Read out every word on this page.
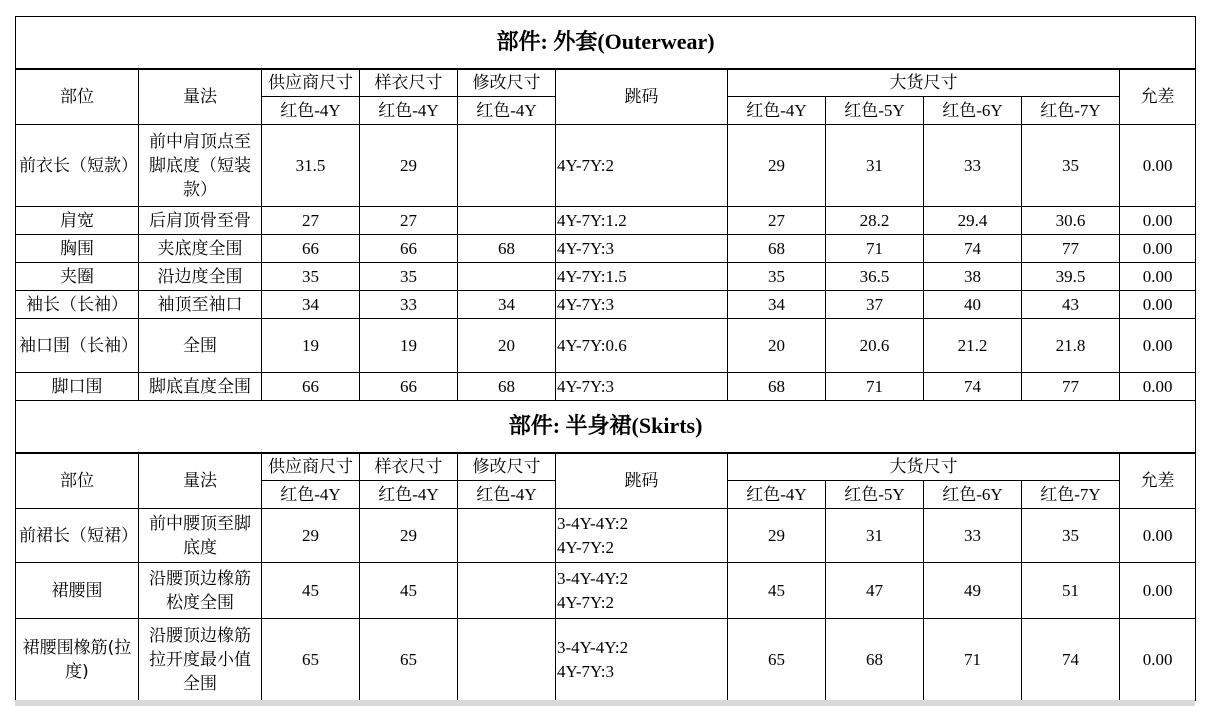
部件: 外套(Outerwear)										
部位	量法	供应商尺寸	样衣尺寸	修改尺寸	跳码	大货尺寸				允差
		红色-4Y	红色-4Y	红色-4Y		红色-4Y	红色-5Y	红色-6Y	红色-7Y	
前衣长（短款）	前中肩顶点至脚底度（短装款）	31.5	29		4Y-7Y:2	29	31	33	35	0.00
肩宽	后肩顶骨至骨	27	27		4Y-7Y:1.2	27	28.2	29.4	30.6	0.00
胸围	夹底度全围	66	66	68	4Y-7Y:3	68	71	74	77	0.00
夹圈	沿边度全围	35	35		4Y-7Y:1.5	35	36.5	38	39.5	0.00
袖长（长袖）	袖顶至袖口	34	33	34	4Y-7Y:3	34	37	40	43	0.00
袖口围（长袖）	全围	19	19	20	4Y-7Y:0.6	20	20.6	21.2	21.8	0.00
脚口围	脚底直度全围	66	66	68	4Y-7Y:3	68	71	74	77	0.00
部件: 半身裙(Skirts)										
部位	量法	供应商尺寸	样衣尺寸	修改尺寸	跳码	大货尺寸				允差
		红色-4Y	红色-4Y	红色-4Y		红色-4Y	红色-5Y	红色-6Y	红色-7Y	
前裙长（短裙）	前中腰顶至脚底度	29	29		3-4Y-4Y:2
4Y-7Y:2	29	31	33	35	0.00
裙腰围	沿腰顶边橡筋松度全围	45	45		3-4Y-4Y:2
4Y-7Y:2	45	47	49	51	0.00
裙腰围橡筋(拉度)	沿腰顶边橡筋拉开度最小值全围	65	65		3-4Y-4Y:2
4Y-7Y:3	65	68	71	74	0.00
